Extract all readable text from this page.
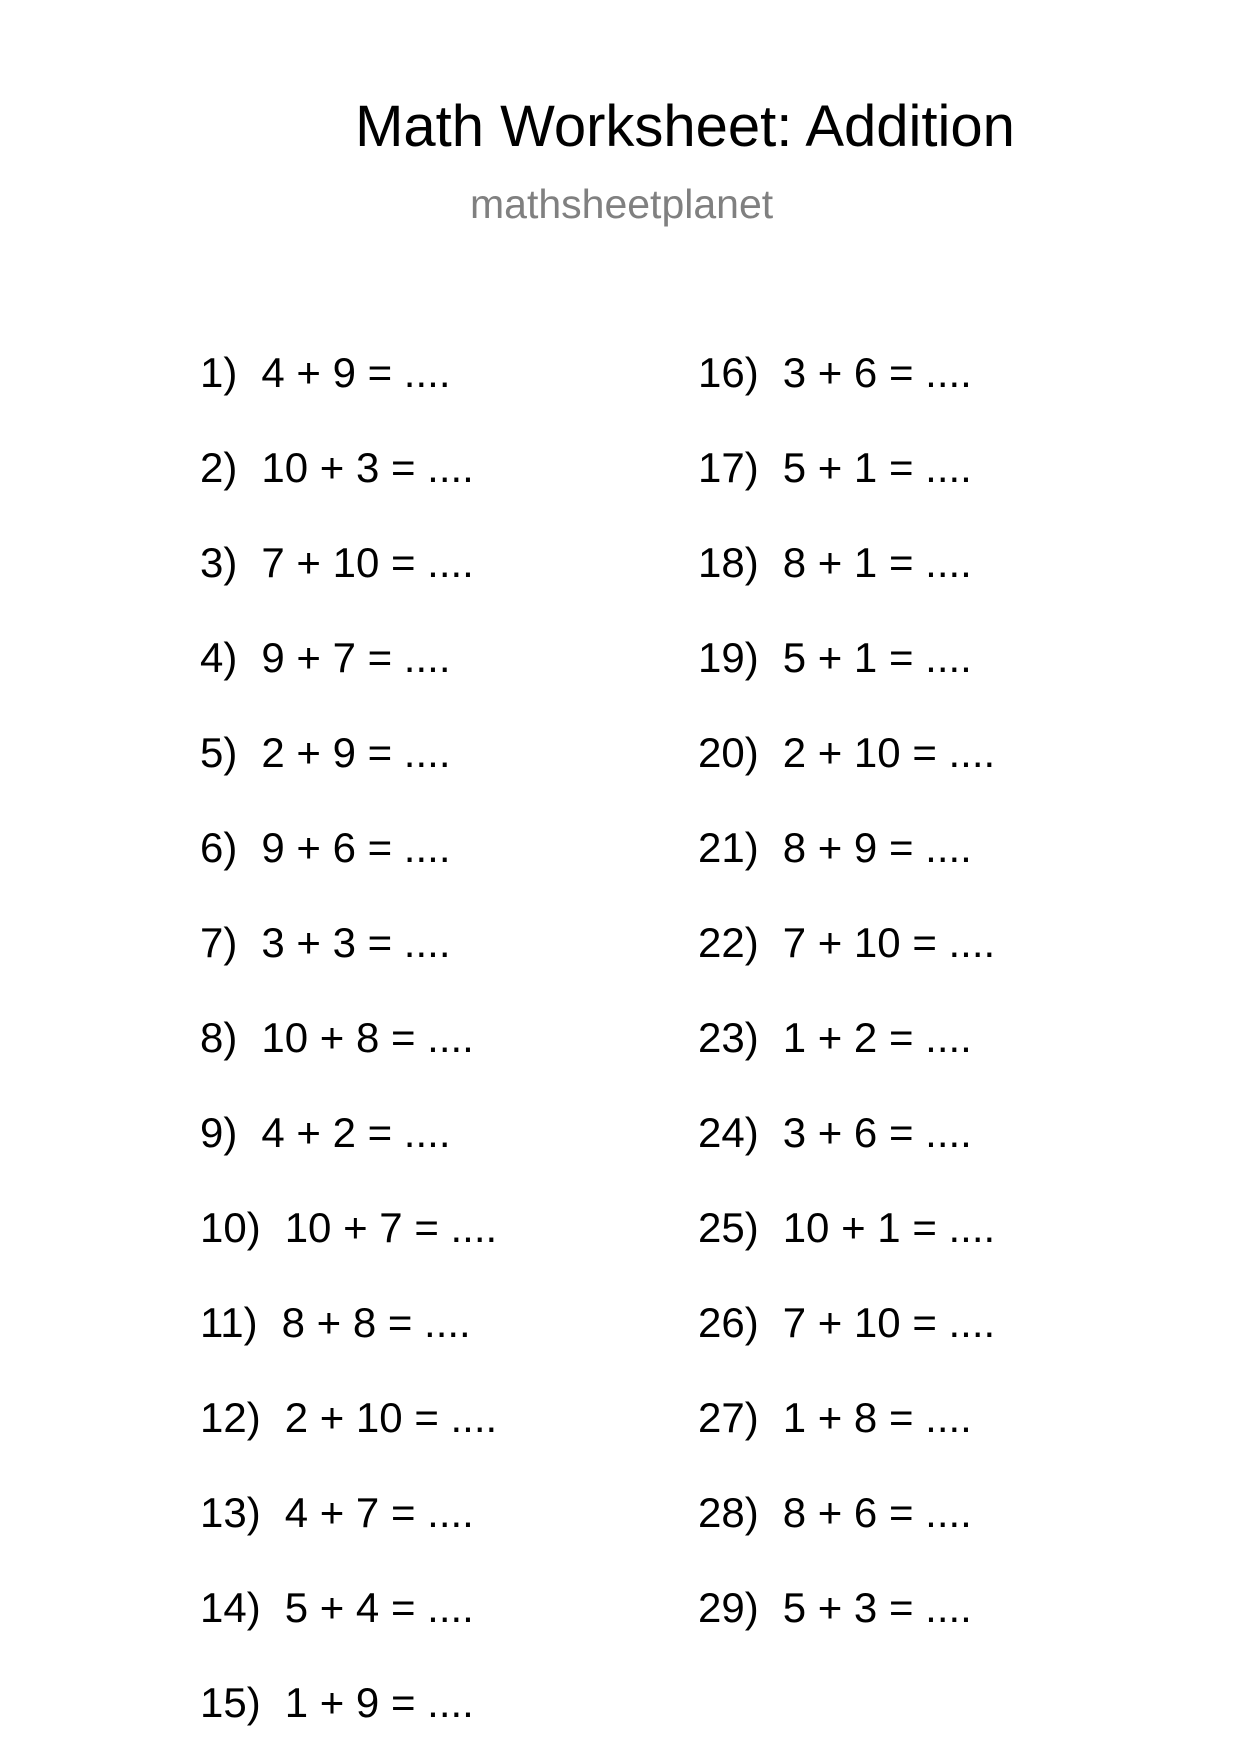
Math Worksheet: Addition
mathsheetplanet
1) 4 + 9 = ....
2) 10 + 3 = ....
3) 7 + 10 = ....
4) 9 + 7 = ....
5) 2 + 9 = ....
6) 9 + 6 = ....
7) 3 + 3 = ....
8) 10 + 8 = ....
9) 4 + 2 = ....
10) 10 + 7 = ....
11) 8 + 8 = ....
12) 2 + 10 = ....
13) 4 + 7 = ....
14) 5 + 4 = ....
15) 1 + 9 = ....
16) 3 + 6 = ....
17) 5 + 1 = ....
18) 8 + 1 = ....
19) 5 + 1 = ....
20) 2 + 10 = ....
21) 8 + 9 = ....
22) 7 + 10 = ....
23) 1 + 2 = ....
24) 3 + 6 = ....
25) 10 + 1 = ....
26) 7 + 10 = ....
27) 1 + 8 = ....
28) 8 + 6 = ....
29) 5 + 3 = ....
